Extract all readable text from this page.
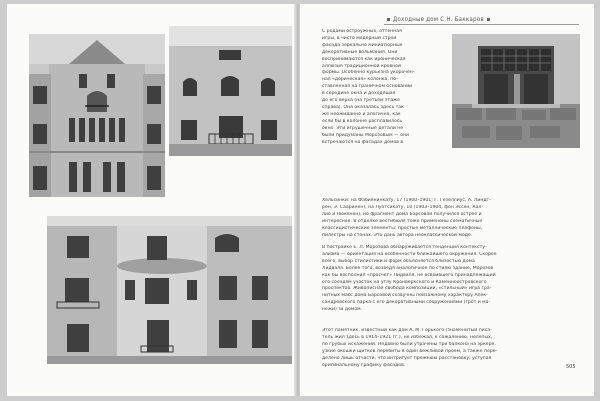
Доходные дом С.Н. Баккаров
С родами остроужных, оттенная
игры, в чисто модерный строи
фасада зеркально миниатюрные
декоративные вольмания. Они
воспринимаются как ироническая
аллюзия традиционной кровной
формы. Особенно курьезна укорочен-
ная «дорическая» колонка, по-
ставленная на граничном основании
в середине окна и доходящая
до его верха (на третьем этаже
справа). Она оказалась здесь так
же неожиданно и алогично, как
если бы в колонне расплавилось
окно. Эти игрушечные детали не
были придуманы Морозовым — они
встречаются на фасадах домов в
Хельсинки: на Фабиянинкату, 17 (1900–1901; Г. Гезеллиус, А. Линдг-
рен, Э. Сааринен), на Луотсикату, 10 (1903–1904, фон Эссен, Кал-
лио и Нюкянен), но фрагмент дома Барсовой получился острее и
интереснее. В отделке вестибюля тоже применены схематичные
классицистические элементы: простые металлические плафоны,
пилястры на стенах. Это дань автора неоклассической моде.
В постройке Е. Л. Морозова обнаруживается тенденция контексту-
ализма — ориентация на особенности ближайшего окружения. Скорее
всего, выбор стилистики и форм объясняется близостью дома
Лидваля. Более того, возведя аналогичное по стилю здание, Морозов
как бы восполнил «просчет» Лидваля, не освоившего принадлежащий
его соседям участок на углу Кронверкского и Каменноостровского
проспектов. Живописная свобода композиции, «стильный» игра гра-
нитных масс дома Барсовой созвучны пейзажному характеру Алек-
сандровского парка с его декоративными сооружениями (грот и ма-
нежи) за домом.
Этот памятник, известный как дом А. М. Горького (знаменитый писа-
тель жил здесь в 1914–1921 гг.), не избежал, к сожалению, нелепых,
по грубых искажений. Недавно были утрачены три балкона на эркере,
узкие окошки щитков перебиты в один вежливой проем, а также пере-
делено лишь отчасти, что интригует прежнюю расстановку, уступая
оригинальному графику фасадов.	505
